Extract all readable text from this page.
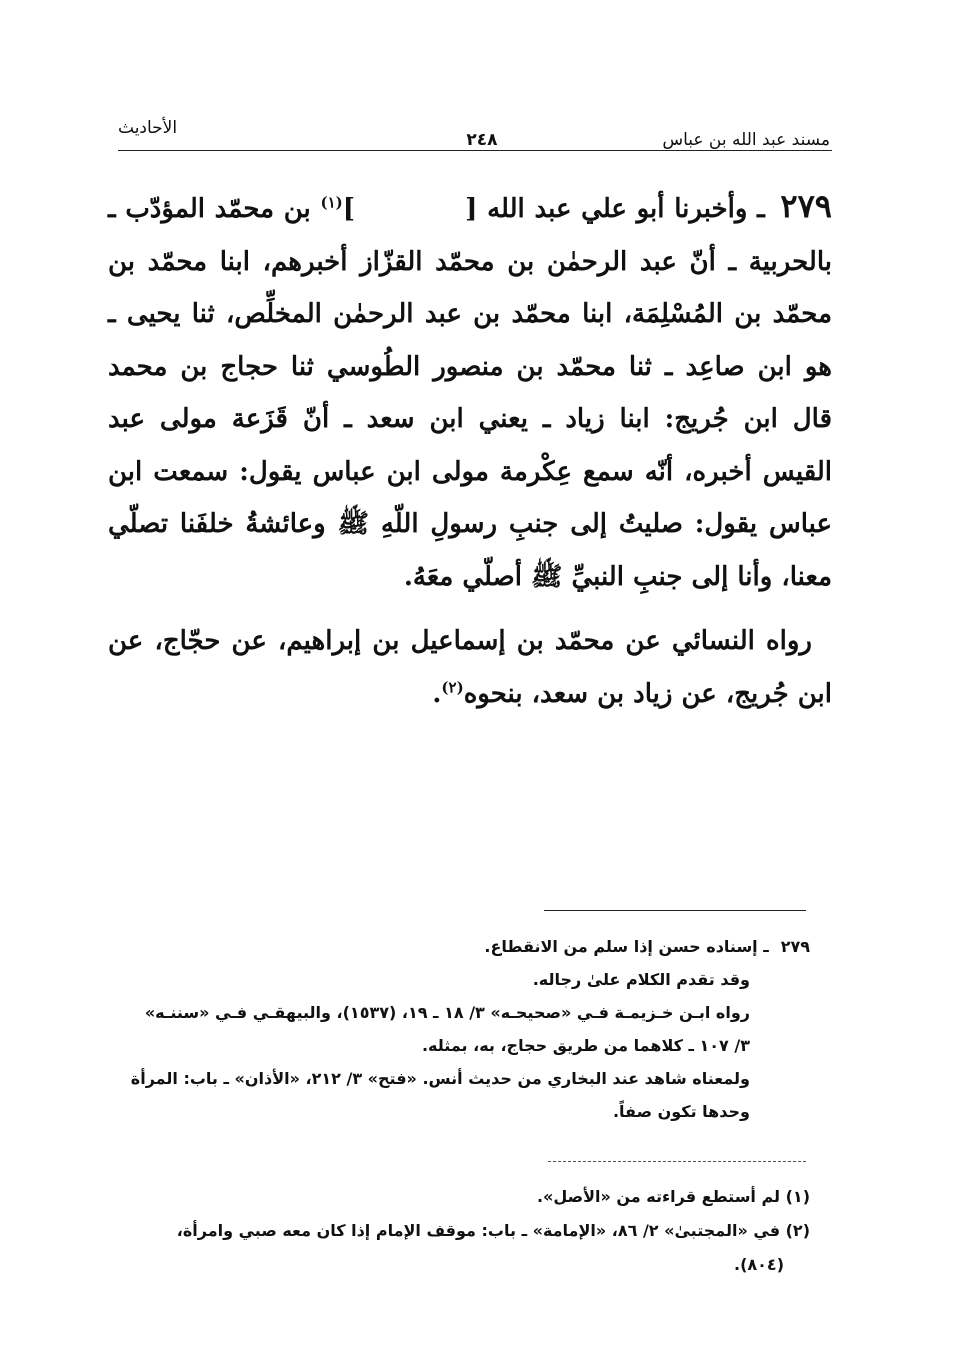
مسند عبد الله بن عباس
٢٤٨
الأحاديث

٢٧٩ ـ وأخبرنا أبو علي عبد الله []$^{(١)}$ بن محمّد المؤدّب ـ بالحربية ـ أنّ عبد الرحمٰن بن محمّد القزّاز أخبرهم، ابنا محمّد بن محمّد بن المُسْلِمَة، ابنا محمّد بن عبد الرحمٰن المخلِّص، ثنا يحيى ـ هو ابن صاعِد ـ ثنا محمّد بن منصور الطُوسي ثنا حجاج بن محمد قال ابن جُريج: ابنا زياد ـ يعني ابن سعد ـ أنّ قَزَعة مولى عبد القيس أخبره، أنّه سمع عِكْرمة مولى ابن عباس يقول: سمعت ابن عباس يقول: صليتُ إلى جنبِ رسولِ اللّهِ ﷺ وعائشةُ خلفَنا تصلّي معنا، وأنا إلى جنبِ النبيِّ ﷺ أصلّي معَهُ.

رواه النسائي عن محمّد بن إسماعيل بن إبراهيم، عن حجّاج، عن ابن جُريج، عن زياد بن سعد، بنحوه$^{(٢)}$.

٢٧٩ـ إسناده حسن إذا سلم من الانقطاع.
وقد تقدم الكلام علىٰ رجاله.
رواه ابـن خـزيمـة فـي «صحيحـه» ٣/ ١٨ ـ ١٩، (١٥٣٧)، والبيهقـي فـي «سننـه»
٣/ ١٠٧ ـ كلاهما من طريق حجاج، به، بمثله.
ولمعناه شاهد عند البخاري من حديث أنس. «فتح» ٣/ ٢١٢، «الأذان» ـ باب: المرأة
وحدها تكون صفاً.
(١) لم أستطع قراءته من «الأصل».
(٢) في «المجتبىٰ» ٢/ ٨٦، «الإمامة» ـ باب: موقف الإمام إذا كان معه صبي وامرأة،
(٨٠٤).
